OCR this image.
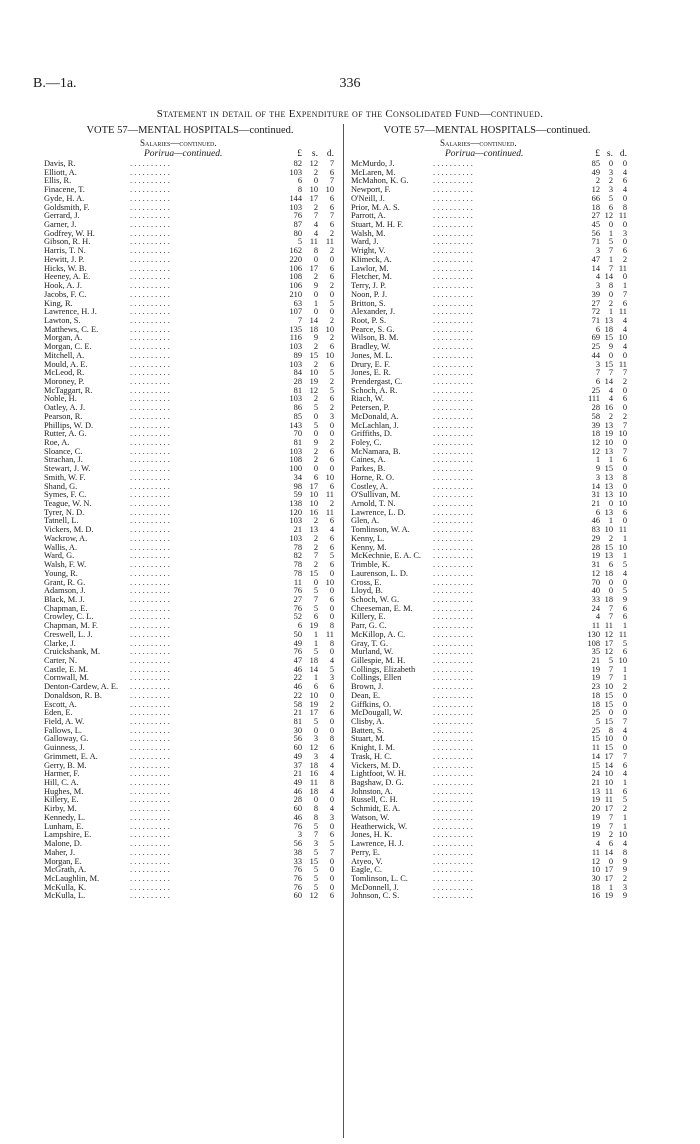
B.—1a.	336
Statement in detail of the Expenditure of the Consolidated Fund—continued.
VOTE 57—MENTAL HOSPITALS—continued.
Salaries—continued.
Porirua—continued.	£	s. d.
Davis, R.	82 12	7
. . . . . . . . . .
Elliott, A.	103	2	6
. . . . . . . . . .
Ellis, R.	6	0	7
. . . . . . . . . .
Finacene, T.	8 10 10
. . . . . . . . . .
Gyde, H. A.	144 17	6
. . . . . . . . . .
Goldsmith, F.	103	2	6
. . . . . . . . . .
Gerrard, J.	76	7	7
. . . . . . . . . .
Garner, J.	87	4	6
. . . . . . . . . .
Godfrey, W. H.	80	4	2
. . . . . . . . . .
Gibson, R. H.	5 11 11
. . . . . . . . . .
Harris, T. N.	162	8	2
. . . . . . . . . .
Hewitt, J. P.	220	0	0
. . . . . . . . . .
Hicks, W. B.	106 17	6
. . . . . . . . . .
Heeney, A. E.	108	2	6
. . . . . . . . . .
Hook, A. J.	106	9	2
. . . . . . . . . .
Jacobs, F. C.	210	0	0
. . . . . . . . . .
King, R.	63	1	5
. . . . . . . . . .
Lawrence, H. J.	107	0	0
. . . . . . . . . .
Lawton, S.	7 14	2
. . . . . . . . . .
Matthews, C. E.	135 18 10
. . . . . . . . . .
Morgan, A.	116	9	2
. . . . . . . . . .
Morgan, C. E.	103	2	6
. . . . . . . . . .
Mitchell, A.	89 15 10
. . . . . . . . . .
Mould, A. E.	103	2	6
. . . . . . . . . .
McLeod, R.	84 10	5
. . . . . . . . . .
Moroney, P.	28 19	2
. . . . . . . . . .
McTaggart, R.	81 12	5
. . . . . . . . . .
Noble, H.	103	2	6
. . . . . . . . . .
Oatley, A. J.	86	5	2
. . . . . . . . . .
Pearson, R.	85	0	3
. . . . . . . . . .
Phillips, W. D.	143	5	0
. . . . . . . . . .
Rutter, A. G.	70	0	0
. . . . . . . . . .
Roe, A.	81	9	2
. . . . . . . . . .
Sloance, C.	103	2	6
. . . . . . . . . .
Strachan, J.	108	2	6
. . . . . . . . . .
Stewart, J. W.	100	0	0
. . . . . . . . . .
Smith, W. F.	34	6 10
. . . . . . . . . .
Shand, G.	98 17	6
. . . . . . . . . .
Symes, F. C.	59 10 11
. . . . . . . . . .
Teague, W. N.	138 10	2
. . . . . . . . . .
Tyrer, N. D.	120 16 11
. . . . . . . . . .
Tatnell, L.	103	2	6
. . . . . . . . . .
Vickers, M. D.	21 13	4
. . . . . . . . . .
Wackrow, A.	103	2	6
. . . . . . . . . .
Wallis, A.	78	2	6
. . . . . . . . . .
Ward, G.	82	7	5
. . . . . . . . . .
Walsh, F. W.	78	2	6
. . . . . . . . . .
Young, R.	78 15	0
. . . . . . . . . .
Grant, R. G.	11	0 10
. . . . . . . . . .
Adamson, J.	76	5	0
. . . . . . . . . .
Black, M. J.	27	7	6
. . . . . . . . . .
Chapman, E.	76	5	0
. . . . . . . . . .
Crowley, C. L.	52	6	0
. . . . . . . . . .
Chapman, M. F.	6 19	8
. . . . . . . . . .
Creswell, L. J.	50	1 11
. . . . . . . . . .
Clarke, J.	49	1	8
. . . . . . . . . .
Cruickshank, M.	76	5	0
. . . . . . . . . .
Carter, N.	47 18	4
. . . . . . . . . .
Castle, E. M.	46 14	5
. . . . . . . . . .
Cornwall, M.	22	1	3
. . . . . . . . . .
Denton-Cardew, A. E.	46	6	6
. . . . . . . . . .
Donaldson, R. B.	22 10	0
. . . . . . . . . .
Escott, A.	58 19	2
. . . . . . . . . .
Eden, E.	21 17	6
. . . . . . . . . .
Field, A. W.	81	5	0
. . . . . . . . . .
Fallows, L.	30	0	0
. . . . . . . . . .
Galloway, G.	56	3	8
. . . . . . . . . .
Guinness, J.	60 12	6
. . . . . . . . . .
Grimmett, E. A.	49	3	4
. . . . . . . . . .
Gerry, B. M.	37 18	4
. . . . . . . . . .
Harmer, F.	21 16	4
. . . . . . . . . .
Hill, C. A.	49 11	8
. . . . . . . . . .
Hughes, M.	46 18	4
. . . . . . . . . .
Killery, E.	28	0	0
. . . . . . . . . .
Kirby, M.	60	8	4
. . . . . . . . . .
Kennedy, L.	46	8	3
. . . . . . . . . .
Lunham, E.	76	5	0
. . . . . . . . . .
Lampshire, E.	3	7	6
. . . . . . . . . .
Malone, D.	56	3	5
. . . . . . . . . .
Maher, J.	38	5	7
. . . . . . . . . .
Morgan, E.	33 15	0
. . . . . . . . . .
McGrath, A.	76	5	0
. . . . . . . . . .
McLaughlin, M.	76	5	0
. . . . . . . . . .
McKulla, K.	76	5	0
. . . . . . . . . .
McKulla, L.	60 12	6
. . . . . . . . . .
VOTE 57—MENTAL HOSPITALS—continued.
Salaries—continued.
Porirua—continued.	£ s. d.
McMurdo, J.	85	0	0
. . . . . . . . . .
McLaren, M.	49	3	4
. . . . . . . . . .
McMahon, K. G.	2	2	6
. . . . . . . . . .
Newport, F.	12	3	4
. . . . . . . . . .
O'Neill, J.	66	5	0
. . . . . . . . . .
Prior, M. A. S.	18	6	8
. . . . . . . . . .
Parrott, A.	27 12 11
. . . . . . . . . .
Stuart, M. H. F.	45	0	0
. . . . . . . . . .
Walsh, M.	56	1	3
. . . . . . . . . .
Ward, J.	71	5	0
. . . . . . . . . .
Wright, V.	3	7	6
. . . . . . . . . .
Klimeck, A.	47	1	2
. . . . . . . . . .
Lawlor, M.	14	7 11
. . . . . . . . . .
Fletcher, M.	4 14	0
. . . . . . . . . .
Terry, J. P.	3	8	1
. . . . . . . . . .
Noon, P. J.	39	0	7
. . . . . . . . . .
Britton, S.	27	2	6
. . . . . . . . . .
Alexander, J.	72	1 11
. . . . . . . . . .
Root, P. S.	71 13	4
. . . . . . . . . .
Pearce, S. G.	6 18	4
. . . . . . . . . .
Wilson, B. M.	69 15 10
. . . . . . . . . .
Bradley, W.	25	9	4
. . . . . . . . . .
Jones, M. L.	44	0	0
. . . . . . . . . .
Drury, E. F.	3 15 11
. . . . . . . . . .
Jones, E. R.	7	7	7
. . . . . . . . . .
Prendergast, C.	6 14	2
. . . . . . . . . .
Schoch, A. R.	25	4	0
. . . . . . . . . .
Riach, W.	111	4	6
. . . . . . . . . .
Petersen, P.	28 16	0
. . . . . . . . . .
McDonald, A.	58	2	2
. . . . . . . . . .
McLachlan, J.	39 13	7
. . . . . . . . . .
Griffiths, D.	18 19 10
. . . . . . . . . .
Foley, C.	12 10	0
. . . . . . . . . .
McNamara, B.	12 13	7
. . . . . . . . . .
Caines, A.	1	1	6
. . . . . . . . . .
Parkes, B.	9 15	0
. . . . . . . . . .
Horne, R. O.	3 13	8
. . . . . . . . . .
Costley, A.	14 13	0
. . . . . . . . . .
O'Sullivan, M.	31 13 10
. . . . . . . . . .
Arnold, T. N.	21	0 10
. . . . . . . . . .
Lawrence, L. D.	6 13	6
. . . . . . . . . .
Glen, A.	46	1	0
. . . . . . . . . .
Tomlinson, W. A.	83 10 11
. . . . . . . . . .
Kenny, L.	29	2	1
. . . . . . . . . .
Kenny, M.	28 15 10
. . . . . . . . . .
McKechnie, E. A. C.	19 13	1
. . . . . . . . . .
Trimble, K.	31	6	5
. . . . . . . . . .
Laurenson, L. D.	12 18	4
. . . . . . . . . .
Cross, E.	70	0	0
. . . . . . . . . .
Lloyd, B.	40	0	5
. . . . . . . . . .
Schoch, W. G.	33 18	9
. . . . . . . . . .
Cheeseman, E. M.	24	7	6
. . . . . . . . . .
Killery, E.	4	7	6
. . . . . . . . . .
Parr, G. C.	11 11	1
. . . . . . . . . .
McKillop, A. C.	130 12 11
. . . . . . . . . .
Gray, T. G.	108 17	5
. . . . . . . . . .
Murland, W.	35 12	6
. . . . . . . . . .
Gillespie, M. H.	21	5 10
. . . . . . . . . .
Collings, Elizabeth	19	7	1
. . . . . . . . . .
Collings, Ellen	19	7	1
. . . . . . . . . .
Brown, J.	23 10	2
. . . . . . . . . .
Dean, E.	18 15	0
. . . . . . . . . .
Giffkins, O.	18 15	0
. . . . . . . . . .
McDougall, W.	25	0	0
. . . . . . . . . .
Clisby, A.	5 15	7
. . . . . . . . . .
Batten, S.	25	8	4
. . . . . . . . . .
Stuart, M.	15 10	0
. . . . . . . . . .
Knight, I. M.	11 15	0
. . . . . . . . . .
Trask, H. C.	14 17	7
. . . . . . . . . .
Vickers, M. D.	15 14	6
. . . . . . . . . .
Lightfoot, W. H.	24 10	4
. . . . . . . . . .
Bagshaw, D. G.	21 10	1
. . . . . . . . . .
Johnston, A.	13 11	6
. . . . . . . . . .
Russell, C. H.	19 11	5
. . . . . . . . . .
Schmidt, E. A.	20 17	2
. . . . . . . . . .
Watson, W.	19	7	1
. . . . . . . . . .
Heatherwick, W.	19	7	1
. . . . . . . . . .
Jones, H. K.	19	2 10
. . . . . . . . . .
Lawrence, H. J.	4	6	4
. . . . . . . . . .
Perry, E.	11 14	8
. . . . . . . . . .
Atyeo, V.	12	0	9
. . . . . . . . . .
Eagle, C.	10 17	9
. . . . . . . . . .
Tomlinson, L. C.	30 17	2
. . . . . . . . . .
McDonnell, J.	18	1	3
. . . . . . . . . .
Johnson, C. S.	16 19	9
. . . . . . . . . .
